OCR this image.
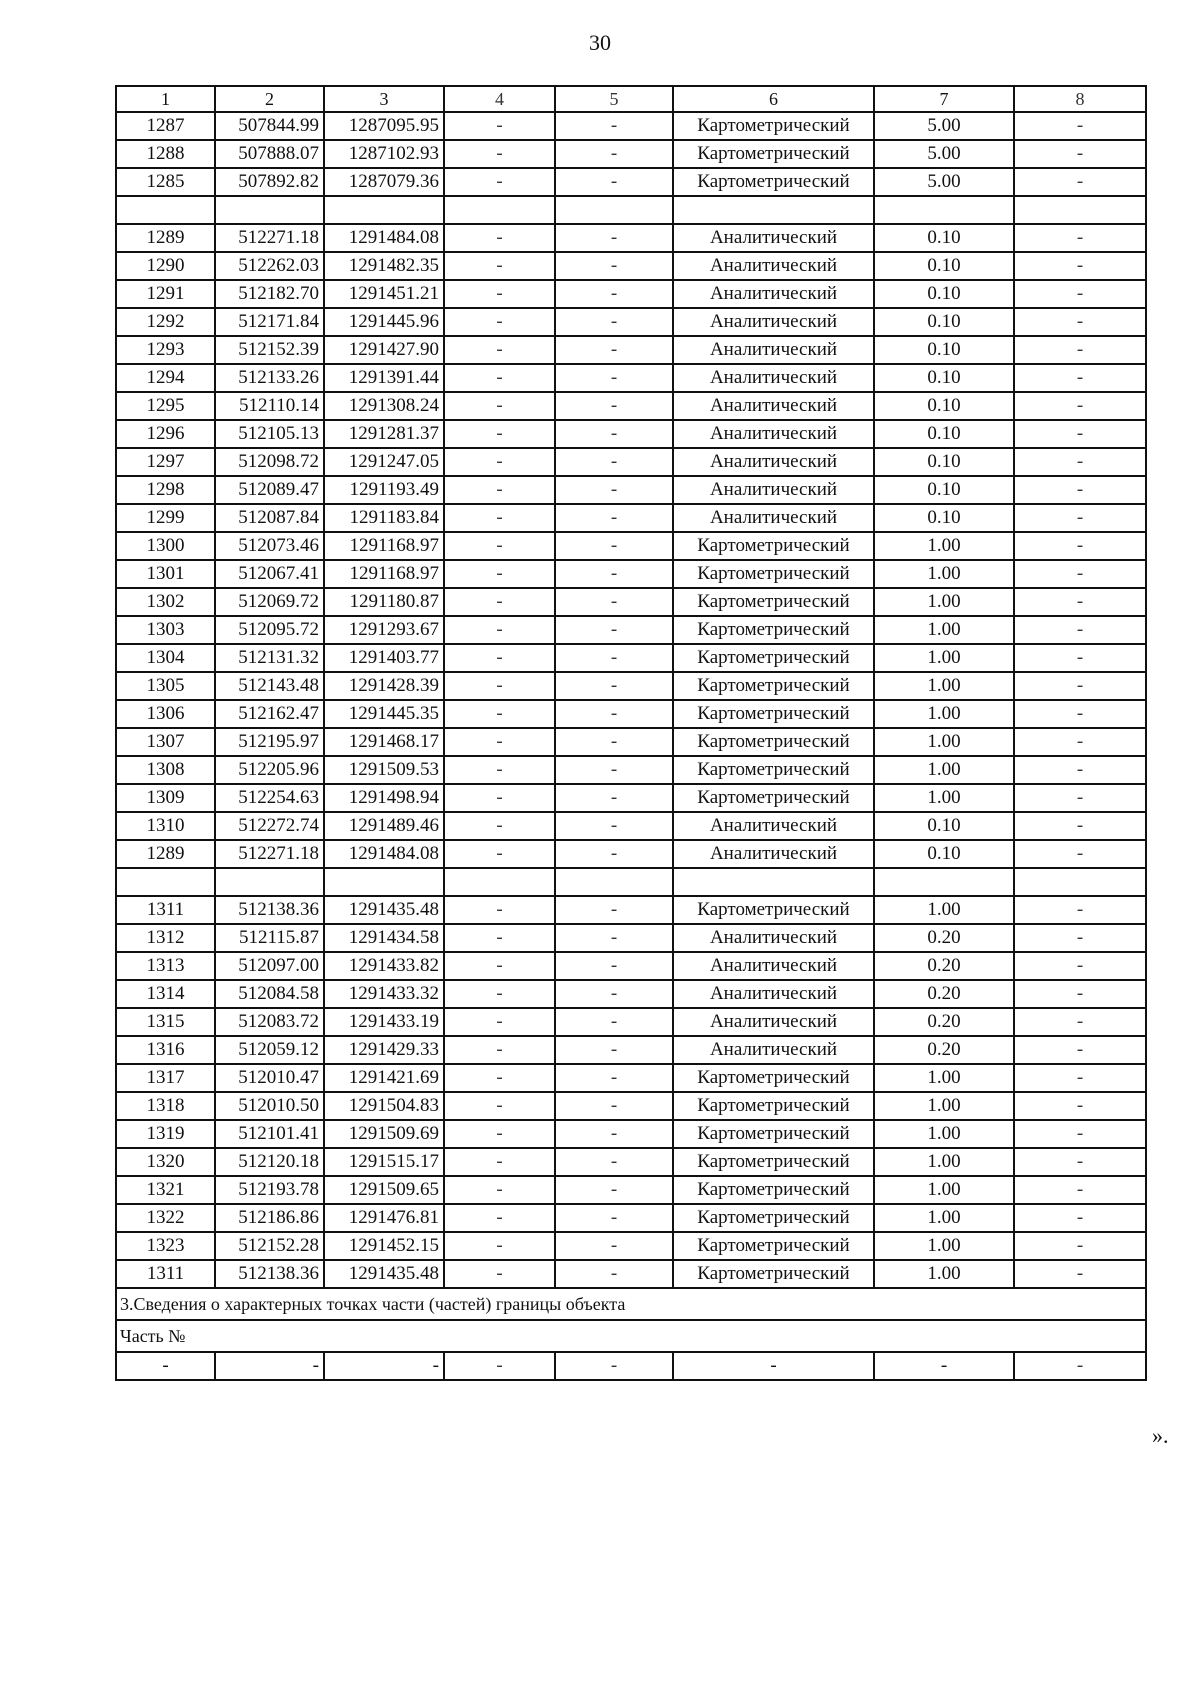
30
1	2	3	4	5	6	7	8
1287	507844.99	1287095.95	-	-	Картометрический	5.00	-
1288	507888.07	1287102.93	-	-	Картометрический	5.00	-
1285	507892.82	1287079.36	-	-	Картометрический	5.00	-

1289	512271.18	1291484.08	-	-	Аналитический	0.10	-
1290	512262.03	1291482.35	-	-	Аналитический	0.10	-
1291	512182.70	1291451.21	-	-	Аналитический	0.10	-
1292	512171.84	1291445.96	-	-	Аналитический	0.10	-
1293	512152.39	1291427.90	-	-	Аналитический	0.10	-
1294	512133.26	1291391.44	-	-	Аналитический	0.10	-
1295	512110.14	1291308.24	-	-	Аналитический	0.10	-
1296	512105.13	1291281.37	-	-	Аналитический	0.10	-
1297	512098.72	1291247.05	-	-	Аналитический	0.10	-
1298	512089.47	1291193.49	-	-	Аналитический	0.10	-
1299	512087.84	1291183.84	-	-	Аналитический	0.10	-
1300	512073.46	1291168.97	-	-	Картометрический	1.00	-
1301	512067.41	1291168.97	-	-	Картометрический	1.00	-
1302	512069.72	1291180.87	-	-	Картометрический	1.00	-
1303	512095.72	1291293.67	-	-	Картометрический	1.00	-
1304	512131.32	1291403.77	-	-	Картометрический	1.00	-
1305	512143.48	1291428.39	-	-	Картометрический	1.00	-
1306	512162.47	1291445.35	-	-	Картометрический	1.00	-
1307	512195.97	1291468.17	-	-	Картометрический	1.00	-
1308	512205.96	1291509.53	-	-	Картометрический	1.00	-
1309	512254.63	1291498.94	-	-	Картометрический	1.00	-
1310	512272.74	1291489.46	-	-	Аналитический	0.10	-
1289	512271.18	1291484.08	-	-	Аналитический	0.10	-

1311	512138.36	1291435.48	-	-	Картометрический	1.00	-
1312	512115.87	1291434.58	-	-	Аналитический	0.20	-
1313	512097.00	1291433.82	-	-	Аналитический	0.20	-
1314	512084.58	1291433.32	-	-	Аналитический	0.20	-
1315	512083.72	1291433.19	-	-	Аналитический	0.20	-
1316	512059.12	1291429.33	-	-	Аналитический	0.20	-
1317	512010.47	1291421.69	-	-	Картометрический	1.00	-
1318	512010.50	1291504.83	-	-	Картометрический	1.00	-
1319	512101.41	1291509.69	-	-	Картометрический	1.00	-
1320	512120.18	1291515.17	-	-	Картометрический	1.00	-
1321	512193.78	1291509.65	-	-	Картометрический	1.00	-
1322	512186.86	1291476.81	-	-	Картометрический	1.00	-
1323	512152.28	1291452.15	-	-	Картометрический	1.00	-
1311	512138.36	1291435.48	-	-	Картометрический	1.00	-
3.Сведения о характерных точках части (частей) границы объекта							
Часть №							
-	-	-	-	-	-	-	-
».
